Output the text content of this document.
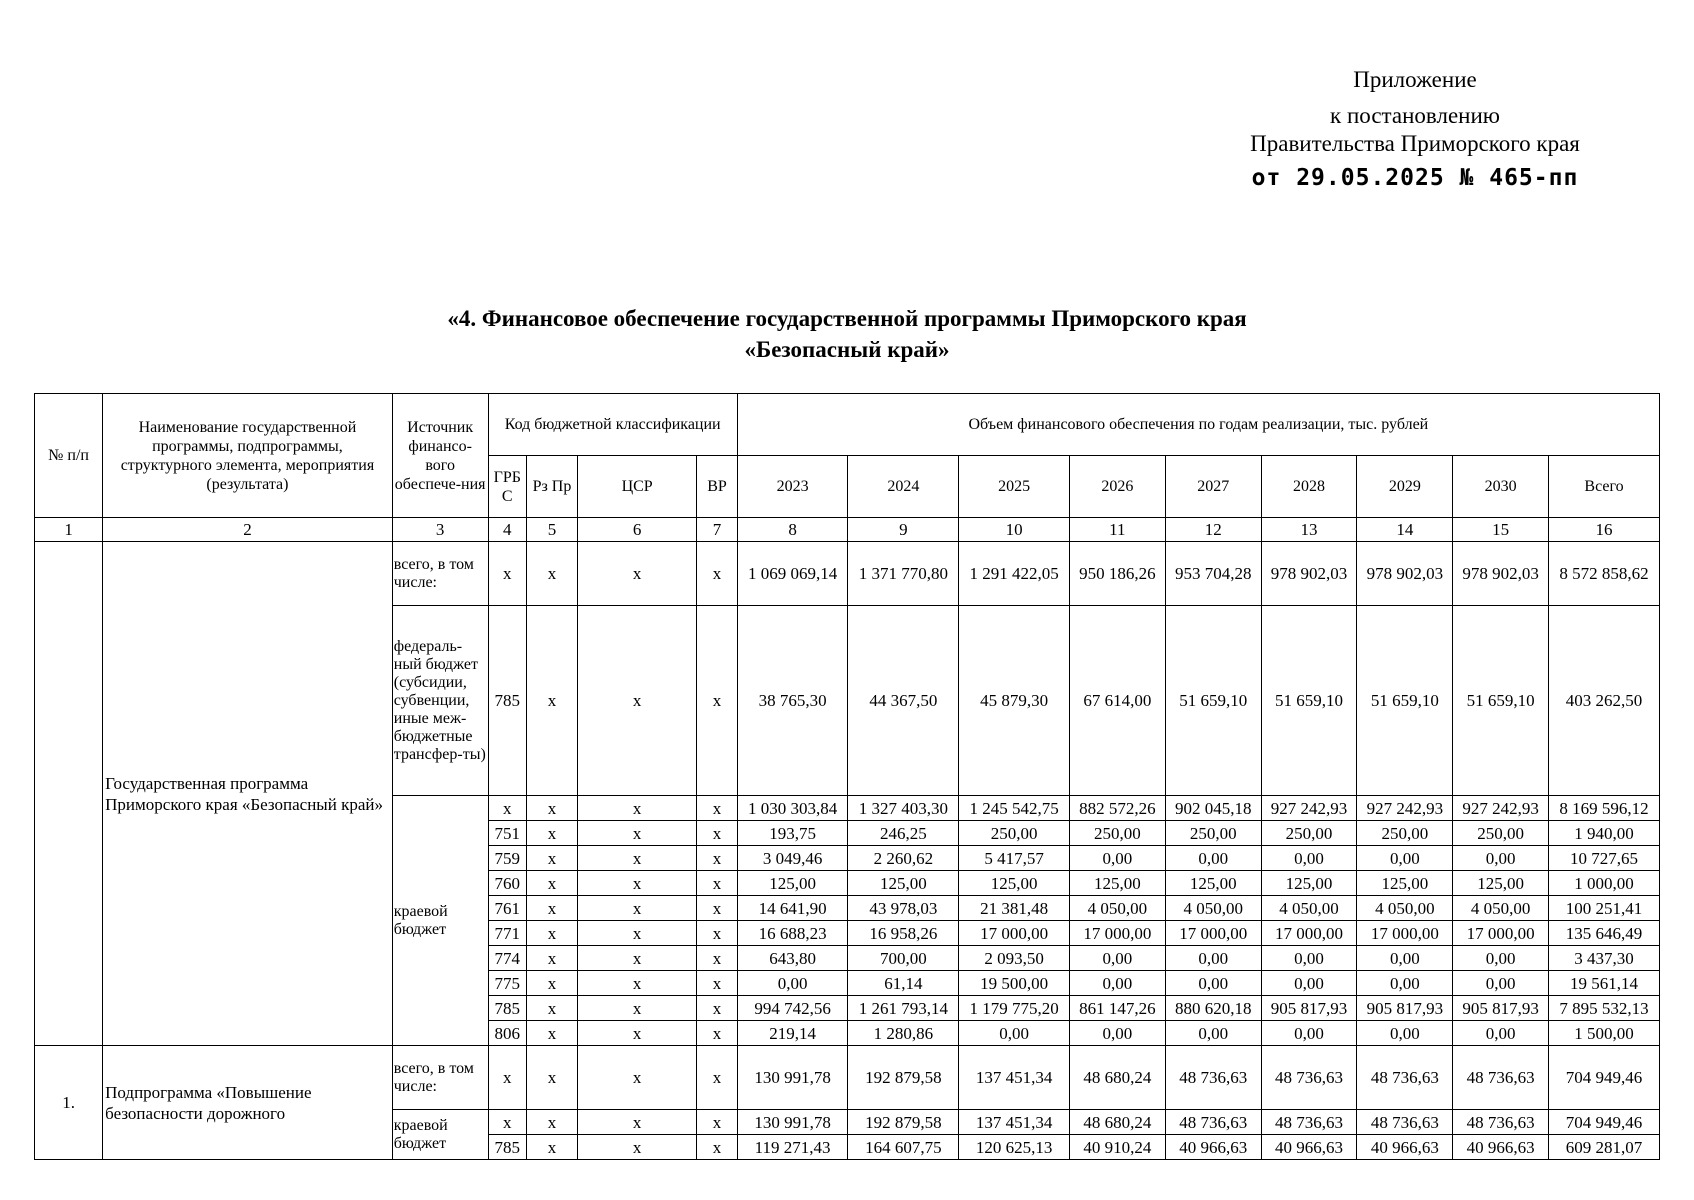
Приложение
к постановлению
Правительства Приморского края
от 29.05.2025 № 465-пп
«4. Финансовое обеспечение государственной программы Приморского края
«Безопасный край»
№ п/п	Наименование государственной программы, подпрограммы, структурного элемента, мероприятия (результата)	Источник финансо-вого обеспече-ния	Код бюджетной классификации				Объем финансового обеспечения по годам реализации, тыс. рублей								
			ГРБ С	Рз Пр	ЦСР	ВР	2023	2024	2025	2026	2027	2028	2029	2030	Всего
1	2	3	4	5	6	7	8	9	10	11	12	13	14	15	16
	Государственная программа Приморского края «Безопасный край»	всего, в том числе:	x	x	x	x	1 069 069,14	1 371 770,80	1 291 422,05	950 186,26	953 704,28	978 902,03	978 902,03	978 902,03	8 572 858,62
		федераль-ный бюджет (субсидии, субвенции, иные меж-бюджетные трансфер-ты)	785	x	x	x	38 765,30	44 367,50	45 879,30	67 614,00	51 659,10	51 659,10	51 659,10	51 659,10	403 262,50
		краевой бюджет	x	x	x	x	1 030 303,84	1 327 403,30	1 245 542,75	882 572,26	902 045,18	927 242,93	927 242,93	927 242,93	8 169 596,12
			751	x	x	x	193,75	246,25	250,00	250,00	250,00	250,00	250,00	250,00	1 940,00
			759	x	x	x	3 049,46	2 260,62	5 417,57	0,00	0,00	0,00	0,00	0,00	10 727,65
			760	x	x	x	125,00	125,00	125,00	125,00	125,00	125,00	125,00	125,00	1 000,00
			761	x	x	x	14 641,90	43 978,03	21 381,48	4 050,00	4 050,00	4 050,00	4 050,00	4 050,00	100 251,41
			771	x	x	x	16 688,23	16 958,26	17 000,00	17 000,00	17 000,00	17 000,00	17 000,00	17 000,00	135 646,49
			774	x	x	x	643,80	700,00	2 093,50	0,00	0,00	0,00	0,00	0,00	3 437,30
			775	x	x	x	0,00	61,14	19 500,00	0,00	0,00	0,00	0,00	0,00	19 561,14
			785	x	x	x	994 742,56	1 261 793,14	1 179 775,20	861 147,26	880 620,18	905 817,93	905 817,93	905 817,93	7 895 532,13
			806	x	x	x	219,14	1 280,86	0,00	0,00	0,00	0,00	0,00	0,00	1 500,00
1.	Подпрограмма «Повышение безопасности дорожного	всего, в том числе:	x	x	x	x	130 991,78	192 879,58	137 451,34	48 680,24	48 736,63	48 736,63	48 736,63	48 736,63	704 949,46
		краевой бюджет	x	x	x	x	130 991,78	192 879,58	137 451,34	48 680,24	48 736,63	48 736,63	48 736,63	48 736,63	704 949,46
			785	x	x	x	119 271,43	164 607,75	120 625,13	40 910,24	40 966,63	40 966,63	40 966,63	40 966,63	609 281,07
